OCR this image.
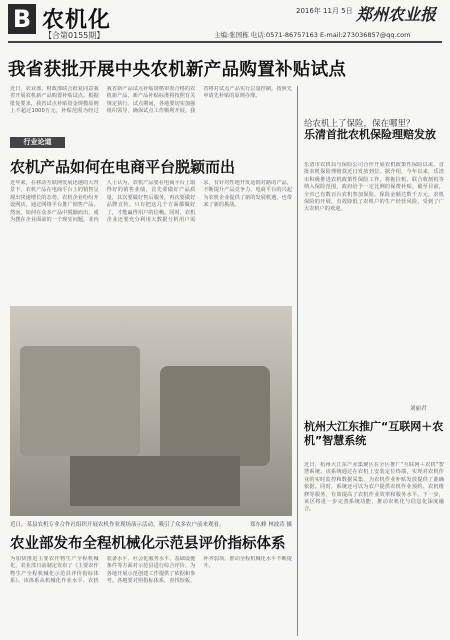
B 农机化
【合第0155期】
2016年 11月 5日 郑州农业报
主编:张国栋 电话:0571-86757163 E-mail:273036857@qq.com
我省获批开展中央农机新产品购置补贴试点
近日，农业部、财政部联合批复同意我省开展农机新产品购置补贴试点。根据批复要求，我省试点补贴资金规模原则上不超过1000万元，补贴范围为经过我省新产品试点补贴资格审查合格的农机新产品，新产品补贴标准将按照有关规定执行。试点期间，各地要切实加强组织领导，确保试点工作顺利开展。我省将对试点产品实行总量控制，按照先申请先补贴的原则办理。
行业论道
农机产品如何在电商平台脱颖而出
近年来，在移动互联网发展迅速的大背景下，农机产品在电商平台上的销售呈现出快速增长的态势。农机企业纷纷开设网店，通过网络平台推广销售产品。然而，如何在众多产品中脱颖而出，成为摆在企业面前的一个现实问题。业内人士认为，农机产品要在电商平台上取得好的销售业绩，首先要做好产品质量，其次要做好售后服务，再次要做好品牌宣传。只有把这几个方面都做好了，才能赢得用户的信赖。同时，农机企业还要充分利用大数据分析用户需求，有针对性地开发适销对路的产品，不断提升产品竞争力。电商平台的兴起为农机企业提供了新的发展机遇，也带来了新的挑战。
近日，某县农机专业合作社组织开展农机作业现场演示活动，吸引了众多农户前来观看。	郑东峰 林波涛 摄
农业部发布全程机械化示范县评价指标体系
为加快推进主要农作物生产全程机械化，农业部日前制定发布了《主要农作物生产全程机械化示范县评价指标体系》。该体系从机械化作业水平、农机装备水平、社会化服务水平、基础设施条件等方面对示范县进行综合评价，为各地开展示范创建工作提供了依据和参考。各地要对照指标体系，查找短板，补齐弱项，推动全程机械化水平不断提升。
给农机上了保险，保在哪里？
乐清首批农机保险理赔发放
乐清市农机局与保险公司合作开展农机政策性保险以来，首批农机保险理赔款近日发放到位。据介绍，今年以来，乐清市积极推进农机政策性保险工作，将拖拉机、联合收割机等纳入保险范围，政府给予一定比例的保费补贴。截至目前，全市已有数百台农机参加保险，保险金额达数千万元。农机保险的开展，有效降低了农机户的生产经营风险，受到了广大农机户的欢迎。
刘丽君
杭州大江东推广“互联网＋农机”智慧系统
近日，杭州大江东产业集聚区在全区推广“互联网＋农机”智慧系统。该系统通过在农机上安装定位终端，实现对农机作业的实时监控和数据采集，为农机作业补贴发放提供了准确依据。同时，系统还可以为农户提供农机作业预约、农机维修等服务，有效提高了农机作业效率和服务水平。下一步，该区将进一步完善系统功能，推动农机化与信息化深度融合。
